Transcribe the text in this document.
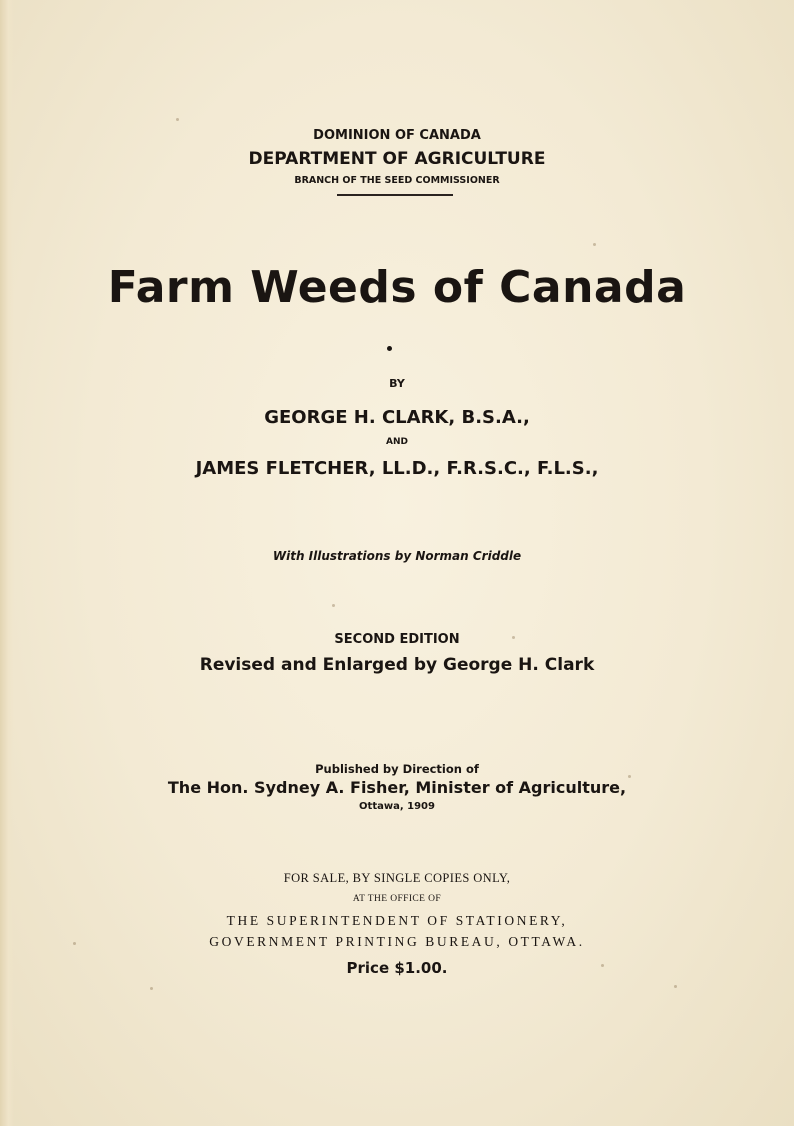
DOMINION OF CANADA
DEPARTMENT OF AGRICULTURE
BRANCH OF THE SEED COMMISSIONER
Farm Weeds of Canada
BY
GEORGE H. CLARK, B.S.A.,
AND
JAMES FLETCHER, LL.D., F.R.S.C., F.L.S.,
With Illustrations by Norman Criddle
SECOND EDITION
Revised and Enlarged by George H. Clark
Published by Direction of
The Hon. Sydney A. Fisher, Minister of Agriculture,
Ottawa, 1909
FOR SALE, BY SINGLE COPIES ONLY,
AT THE OFFICE OF
THE SUPERINTENDENT OF STATIONERY,
GOVERNMENT PRINTING BUREAU, OTTAWA.
Price $1.00.
